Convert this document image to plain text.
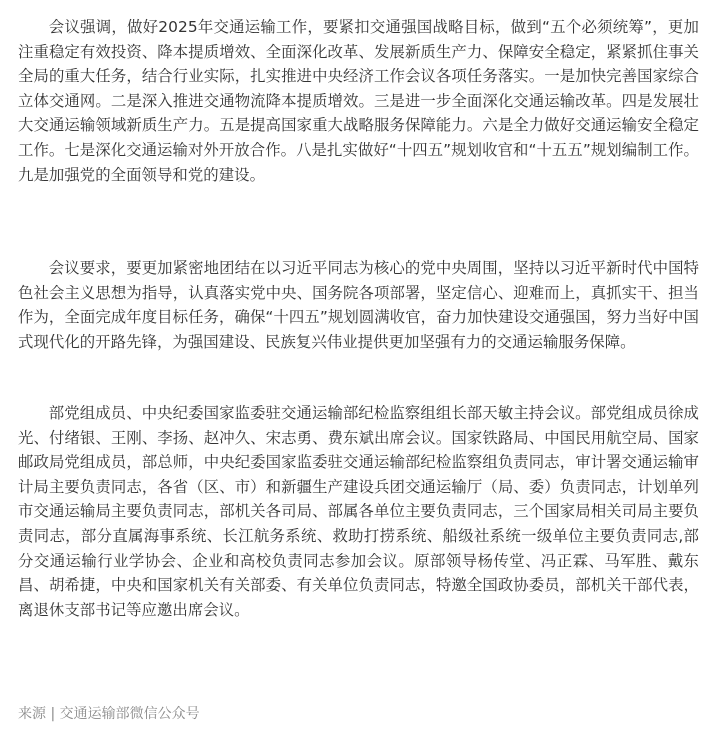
会议强调，做好2025年交通运输工作，要紧扣交通强国战略目标，做到“五个必须统筹”，更加注重稳定有效投资、降本提质增效、全面深化改革、发展新质生产力、保障安全稳定，紧紧抓住事关全局的重大任务，结合行业实际，扎实推进中央经济工作会议各项任务落实。一是加快完善国家综合立体交通网。二是深入推进交通物流降本提质增效。三是进一步全面深化交通运输改革。四是发展壮大交通运输领域新质生产力。五是提高国家重大战略服务保障能力。六是全力做好交通运输安全稳定工作。七是深化交通运输对外开放合作。八是扎实做好“十四五”规划收官和“十五五”规划编制工作。九是加强党的全面领导和党的建设。

会议要求，要更加紧密地团结在以习近平同志为核心的党中央周围，坚持以习近平新时代中国特色社会主义思想为指导，认真落实党中央、国务院各项部署，坚定信心、迎难而上，真抓实干、担当作为，全面完成年度目标任务，确保“十四五”规划圆满收官，奋力加快建设交通强国，努力当好中国式现代化的开路先锋，为强国建设、民族复兴伟业提供更加坚强有力的交通运输服务保障。

部党组成员、中央纪委国家监委驻交通运输部纪检监察组组长部天敏主持会议。部党组成员徐成光、付绪银、王刚、李扬、赵冲久、宋志勇、费东斌出席会议。国家铁路局、中国民用航空局、国家邮政局党组成员，部总师，中央纪委国家监委驻交通运输部纪检监察组负责同志，审计署交通运输审计局主要负责同志，各省（区、市）和新疆生产建设兵团交通运输厅（局、委）负责同志，计划单列市交通运输局主要负责同志，部机关各司局、部属各单位主要负责同志，三个国家局相关司局主要负责同志，部分直属海事系统、长江航务系统、救助打捞系统、船级社系统一级单位主要负责同志,部分交通运输行业学协会、企业和高校负责同志参加会议。原部领导杨传堂、冯正霖、马军胜、戴东昌、胡希捷，中央和国家机关有关部委、有关单位负责同志，特邀全国政协委员，部机关干部代表，离退休支部书记等应邀出席会议。

来源 | 交通运输部微信公众号
